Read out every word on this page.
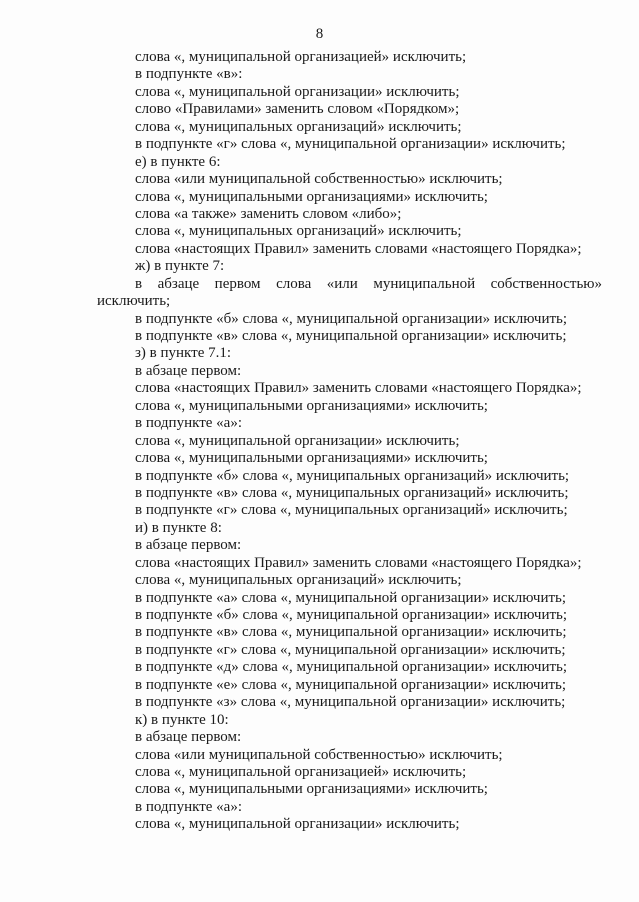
8
слова «, муниципальной организацией» исключить;
в подпункте «в»:
слова «, муниципальной организации» исключить;
слово «Правилами» заменить словом «Порядком»;
слова «, муниципальных организаций» исключить;
в подпункте «г» слова «, муниципальной организации» исключить;
е) в пункте 6:
слова «или муниципальной собственностью» исключить;
слова «, муниципальными организациями» исключить;
слова «а также» заменить словом «либо»;
слова «, муниципальных организаций» исключить;
слова «настоящих Правил» заменить словами «настоящего Порядка»;
ж) в пункте 7:
в абзаце первом слова «или муниципальной собственностью»
исключить;
в подпункте «б» слова «, муниципальной организации» исключить;
в подпункте «в» слова «, муниципальной организации» исключить;
з) в пункте 7.1:
в абзаце первом:
слова «настоящих Правил» заменить словами «настоящего Порядка»;
слова «, муниципальными организациями» исключить;
в подпункте «а»:
слова «, муниципальной организации» исключить;
слова «, муниципальными организациями» исключить;
в подпункте «б» слова «, муниципальных организаций» исключить;
в подпункте «в» слова «, муниципальных организаций» исключить;
в подпункте «г» слова «, муниципальных организаций» исключить;
и) в пункте 8:
в абзаце первом:
слова «настоящих Правил» заменить словами «настоящего Порядка»;
слова «, муниципальных организаций» исключить;
в подпункте «а» слова «, муниципальной организации» исключить;
в подпункте «б» слова «, муниципальной организации» исключить;
в подпункте «в» слова «, муниципальной организации» исключить;
в подпункте «г» слова «, муниципальной организации» исключить;
в подпункте «д» слова «, муниципальной организации» исключить;
в подпункте «е» слова «, муниципальной организации» исключить;
в подпункте «з» слова «, муниципальной организации» исключить;
к) в пункте 10:
в абзаце первом:
слова «или муниципальной собственностью» исключить;
слова «, муниципальной организацией» исключить;
слова «, муниципальными организациями» исключить;
в подпункте «а»:
слова «, муниципальной организации» исключить;
